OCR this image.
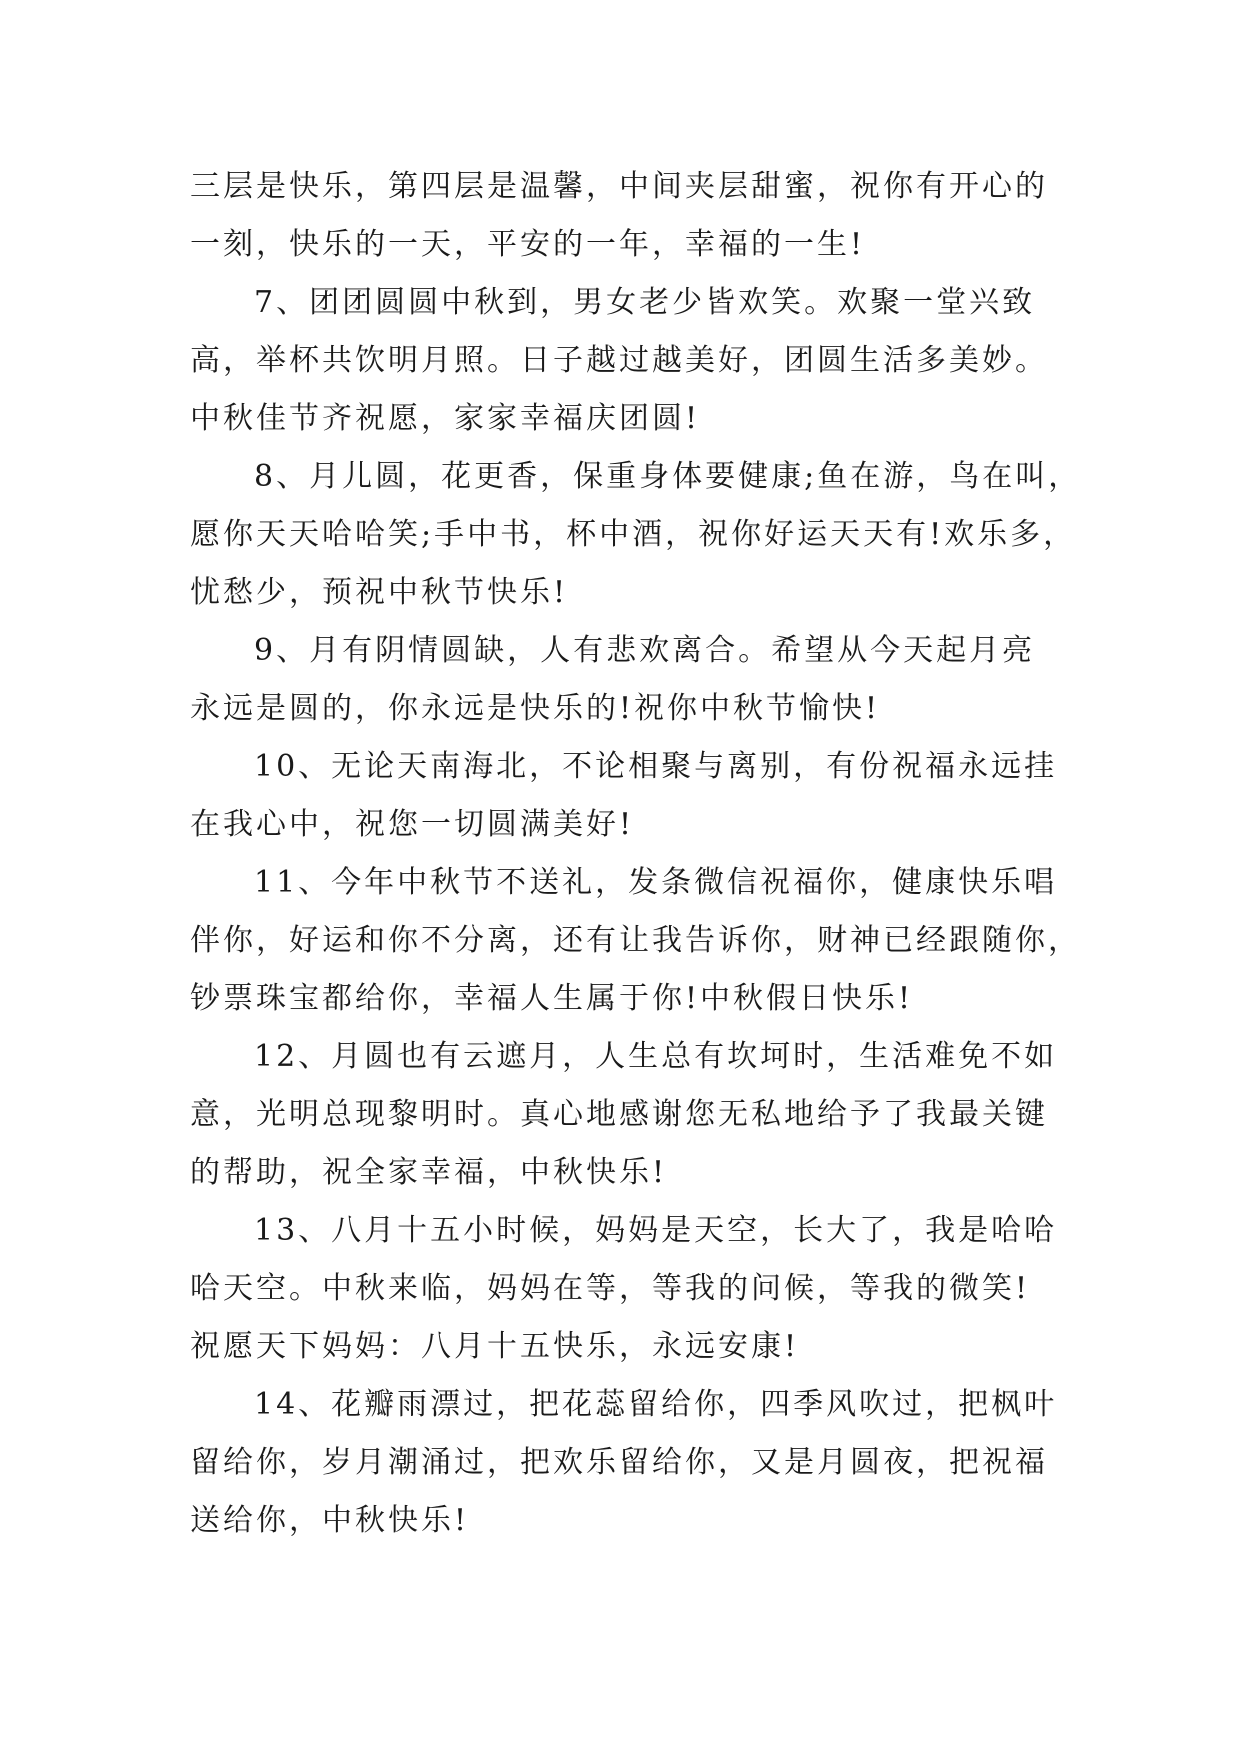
三层是快乐，第四层是温馨，中间夹层甜蜜，祝你有开心的
一刻，快乐的一天，平安的一年，幸福的一生!

7、团团圆圆中秋到，男女老少皆欢笑。欢聚一堂兴致
高，举杯共饮明月照。日子越过越美好，团圆生活多美妙。
中秋佳节齐祝愿，家家幸福庆团圆!

8、月儿圆，花更香，保重身体要健康;鱼在游，鸟在叫，
愿你天天哈哈笑;手中书，杯中酒，祝你好运天天有!欢乐多，
忧愁少，预祝中秋节快乐!

9、月有阴情圆缺，人有悲欢离合。希望从今天起月亮
永远是圆的，你永远是快乐的!祝你中秋节愉快!

10、无论天南海北，不论相聚与离别，有份祝福永远挂
在我心中，祝您一切圆满美好!

11、今年中秋节不送礼，发条微信祝福你，健康快乐唱
伴你，好运和你不分离，还有让我告诉你，财神已经跟随你，
钞票珠宝都给你，幸福人生属于你!中秋假日快乐!

12、月圆也有云遮月，人生总有坎坷时，生活难免不如
意，光明总现黎明时。真心地感谢您无私地给予了我最关键
的帮助，祝全家幸福，中秋快乐!

13、八月十五小时候，妈妈是天空，长大了，我是哈哈
哈天空。中秋来临，妈妈在等，等我的问候，等我的微笑!
祝愿天下妈妈：八月十五快乐，永远安康!

14、花瓣雨漂过，把花蕊留给你，四季风吹过，把枫叶
留给你，岁月潮涌过，把欢乐留给你，又是月圆夜，把祝福
送给你，中秋快乐!
